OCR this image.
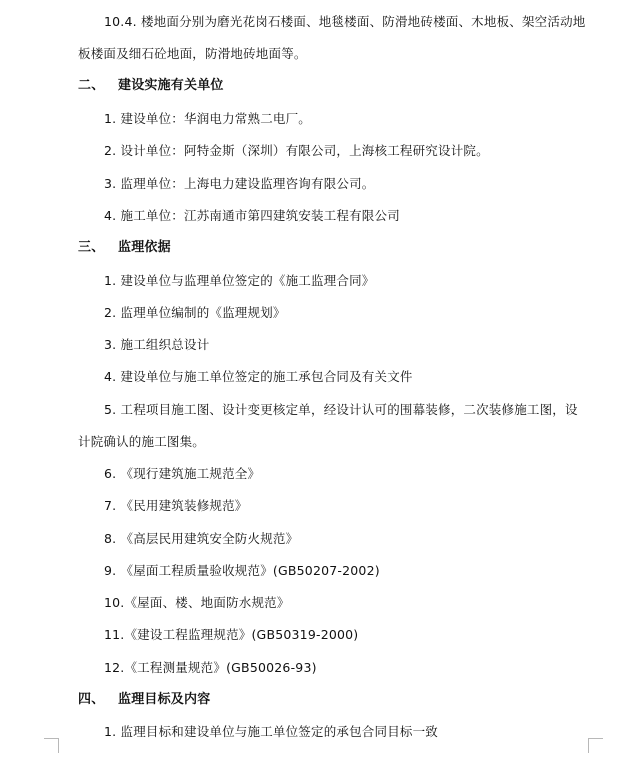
10.4. 楼地面分别为磨光花岗石楼面、地毯楼面、防滑地砖楼面、木地板、架空活动地
板楼面及细石砼地面，防滑地砖地面等。
二、 建设实施有关单位
1. 建设单位：华润电力常熟二电厂。
2. 设计单位：阿特金斯（深圳）有限公司，上海核工程研究设计院。
3. 监理单位：上海电力建设监理咨询有限公司。
4. 施工单位：江苏南通市第四建筑安装工程有限公司
三、 监理依据
1. 建设单位与监理单位签定的《施工监理合同》
2. 监理单位编制的《监理规划》
3. 施工组织总设计
4. 建设单位与施工单位签定的施工承包合同及有关文件
5. 工程项目施工图、设计变更核定单，经设计认可的围幕装修，二次装修施工图，设
计院确认的施工图集。
6. 《现行建筑施工规范全》
7. 《民用建筑装修规范》
8. 《高层民用建筑安全防火规范》
9. 《屋面工程质量验收规范》(GB50207-2002)
10.《屋面、楼、地面防水规范》
11.《建设工程监理规范》(GB50319-2000)
12.《工程测量规范》(GB50026-93)
四、 监理目标及内容
1. 监理目标和建设单位与施工单位签定的承包合同目标一致
